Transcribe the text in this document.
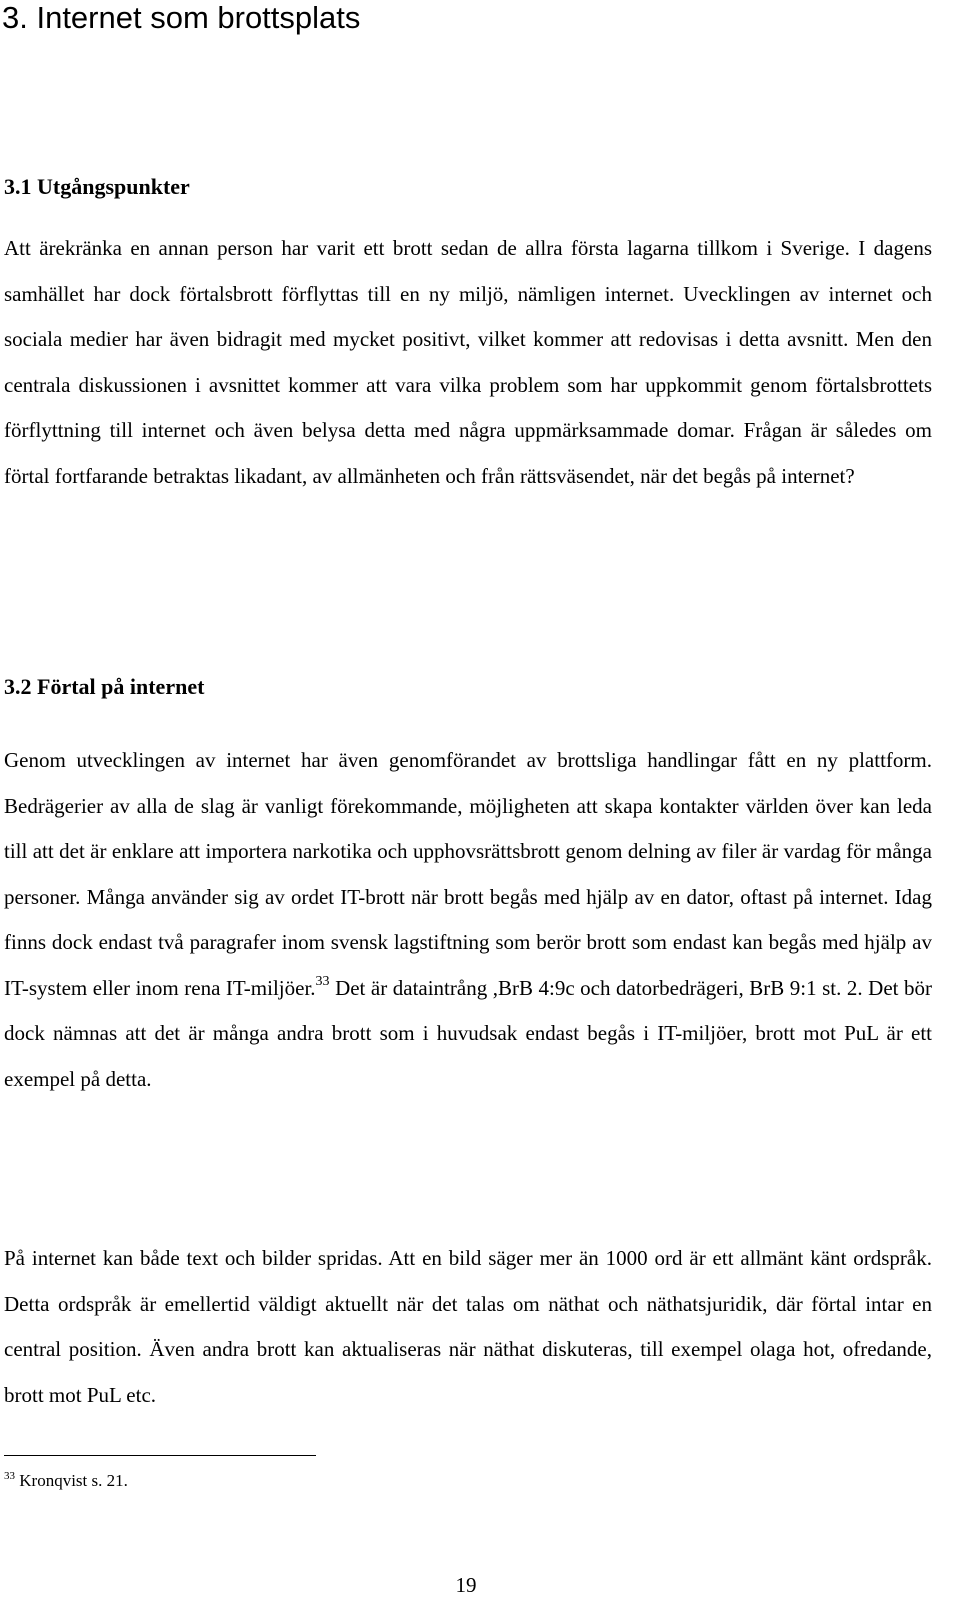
3. Internet som brottsplats
3.1 Utgångspunkter

Att ärekränka en annan person har varit ett brott sedan de allra första lagarna tillkom i Sverige. I dagens samhället har dock förtalsbrott förflyttas till en ny miljö, nämligen internet. Uvecklingen av internet och sociala medier har även bidragit med mycket positivt, vilket kommer att redovisas i detta avsnitt. Men den centrala diskussionen i avsnittet kommer att vara vilka problem som har uppkommit genom förtalsbrottets förflyttning till internet och även belysa detta med några uppmärksammade domar. Frågan är således om förtal fortfarande betraktas likadant, av allmänheten och från rättsväsendet, när det begås på internet?

3.2 Förtal på internet

Genom utvecklingen av internet har även genomförandet av brottsliga handlingar fått en ny plattform. Bedrägerier av alla de slag är vanligt förekommande, möjligheten att skapa kontakter världen över kan leda till att det är enklare att importera narkotika och upphovsrättsbrott genom delning av filer är vardag för många personer. Många använder sig av ordet IT-brott när brott begås med hjälp av en dator, oftast på internet. Idag finns dock endast två paragrafer inom svensk lagstiftning som berör brott som endast kan begås med hjälp av IT-system eller inom rena IT-miljöer.$^{33}$ Det är dataintrång ,BrB 4:9c och datorbedrägeri, BrB 9:1 st. 2. Det bör dock nämnas att det är många andra brott som i huvudsak endast begås i IT-miljöer, brott mot PuL är ett exempel på detta.

På internet kan både text och bilder spridas. Att en bild säger mer än 1000 ord är ett allmänt känt ordspråk. Detta ordspråk är emellertid väldigt aktuellt när det talas om näthat och näthatsjuridik, där förtal intar en central position. Även andra brott kan aktualiseras när näthat diskuteras, till exempel olaga hot, ofredande, brott mot PuL etc.

$^{33}$ Kronqvist s. 21.

19
